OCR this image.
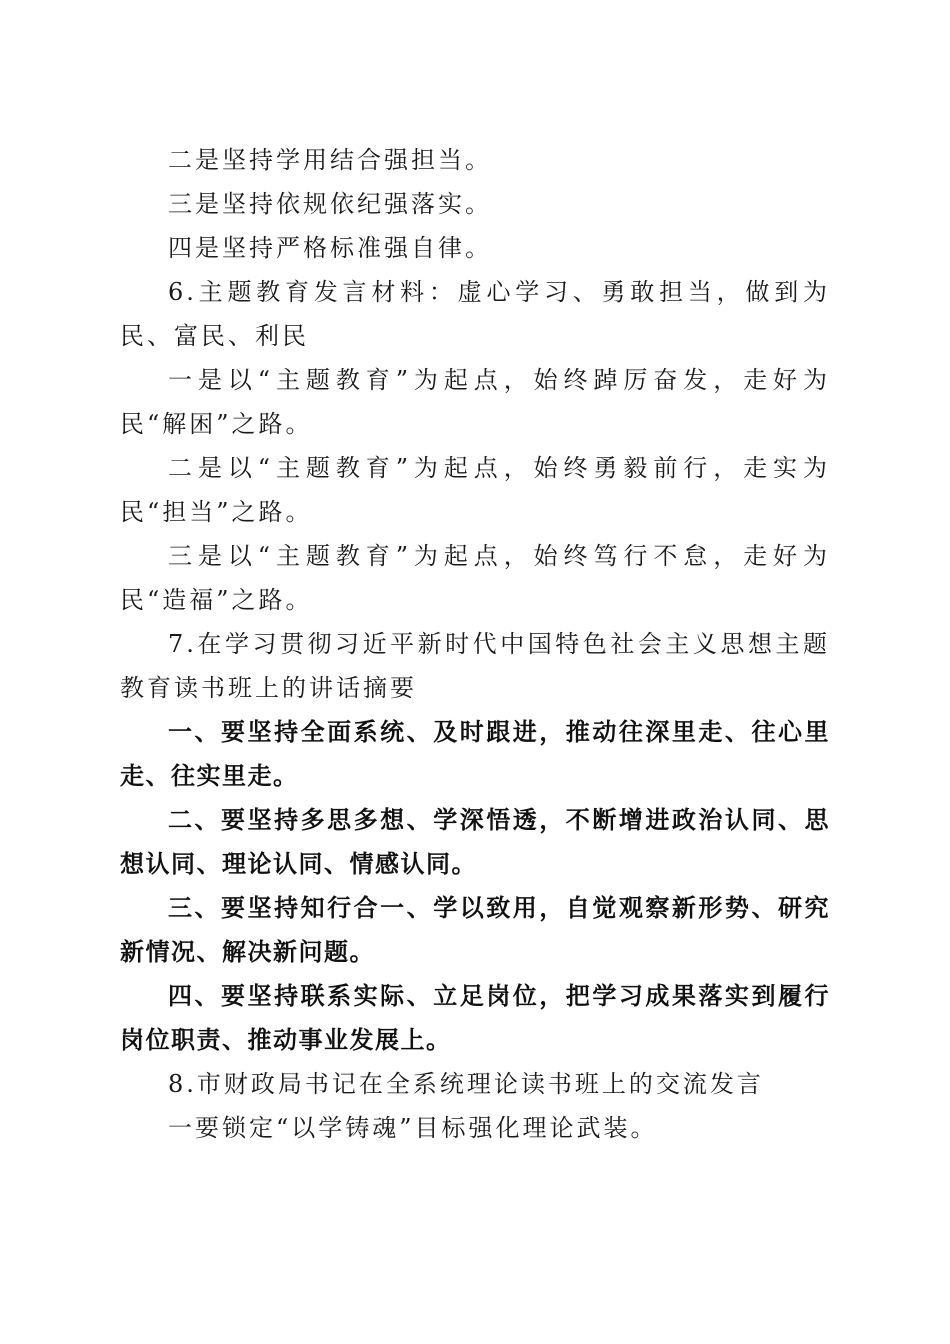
二是坚持学用结合强担当。

三是坚持依规依纪强落实。

四是坚持严格标准强自律。

6.主题教育发言材料：虚心学习、勇敢担当，做到为民、富民、利民

一是以“主题教育”为起点，始终踔厉奋发，走好为民“解困”之路。

二是以“主题教育”为起点，始终勇毅前行，走实为民“担当”之路。

三是以“主题教育”为起点，始终笃行不怠，走好为民“造福”之路。

7.在学习贯彻习近平新时代中国特色社会主义思想主题教育读书班上的讲话摘要

一、要坚持全面系统、及时跟进，推动往深里走、往心里走、往实里走。

二、要坚持多思多想、学深悟透，不断增进政治认同、思想认同、理论认同、情感认同。

三、要坚持知行合一、学以致用，自觉观察新形势、研究新情况、解决新问题。

四、要坚持联系实际、立足岗位，把学习成果落实到履行岗位职责、推动事业发展上。

8.市财政局书记在全系统理论读书班上的交流发言

一要锁定“以学铸魂”目标强化理论武装。
